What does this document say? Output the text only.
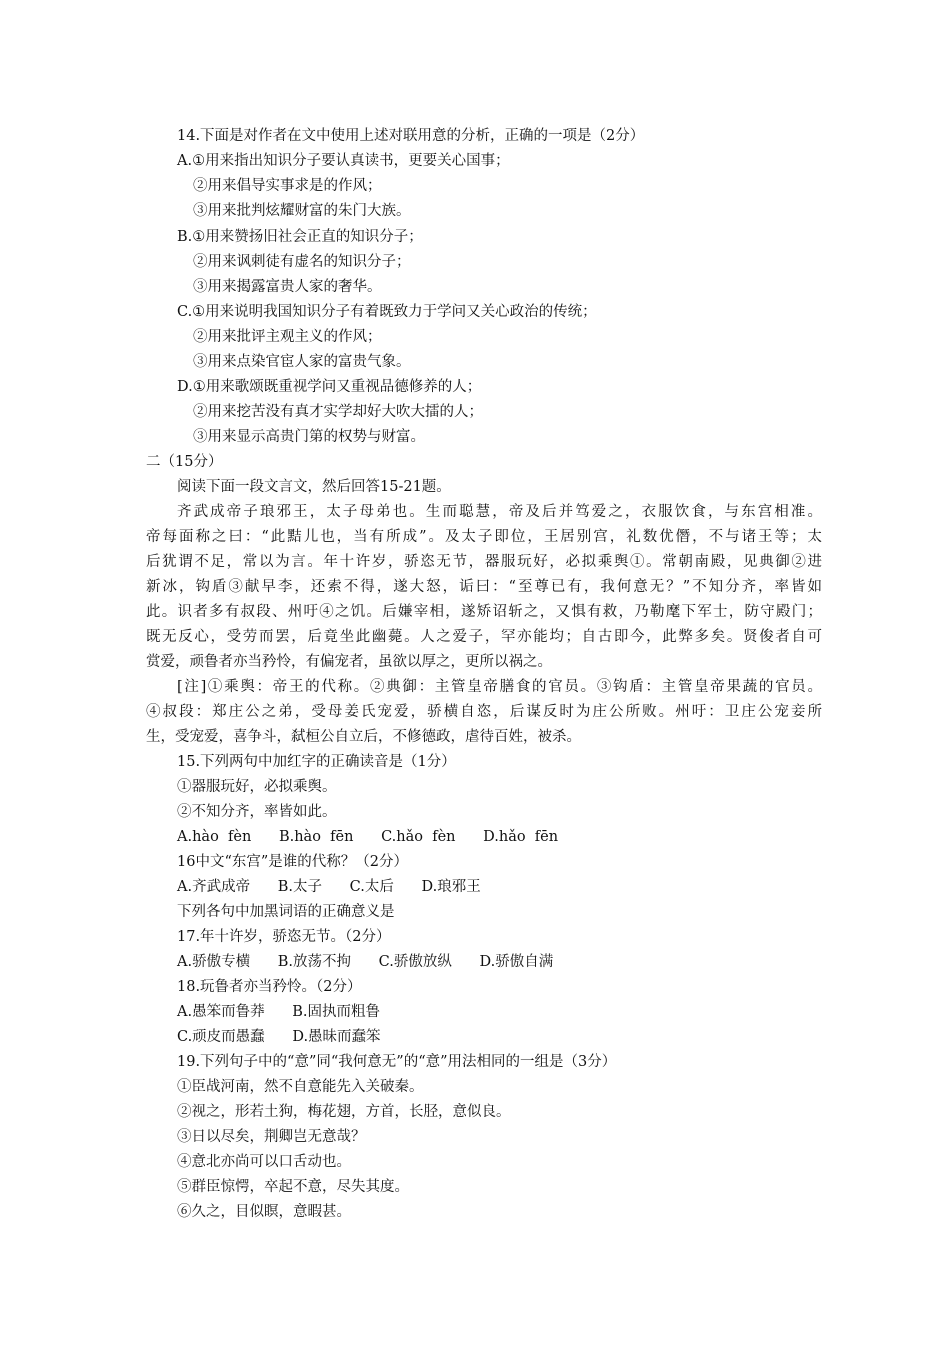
14.下面是对作者在文中使用上述对联用意的分析，正确的一项是（2分）
A.①用来指出知识分子要认真读书，更要关心国事；
②用来倡导实事求是的作风；
③用来批判炫耀财富的朱门大族。
B.①用来赞扬旧社会正直的知识分子；
②用来讽刺徒有虚名的知识分子；
③用来揭露富贵人家的奢华。
C.①用来说明我国知识分子有着既致力于学问又关心政治的传统；
②用来批评主观主义的作风；
③用来点染官宦人家的富贵气象。
D.①用来歌颂既重视学问又重视品德修养的人；
②用来挖苦没有真才实学却好大吹大擂的人；
③用来显示高贵门第的权势与财富。
二（15分）
阅读下面一段文言文，然后回答15-21题。
齐武成帝子琅邪王，太子母弟也。生而聪慧，帝及后并笃爱之，衣服饮食，与东宫相准。
帝每面称之曰：“此黠儿也，当有所成”。及太子即位，王居别宫，礼数优僭，不与诸王等；太
后犹谓不足，常以为言。年十许岁，骄恣无节，器服玩好，必拟乘舆①。常朝南殿，见典御②进
新冰，钩盾③献早李，还索不得，遂大怒，诟曰：“至尊已有，我何意无？”不知分齐，率皆如
此。识者多有叔段、州吁④之饥。后嫌宰相，遂矫诏斩之，又惧有救，乃勒麾下军士，防守殿门；
既无反心，受劳而罢，后竟坐此幽薨。人之爱子，罕亦能均；自古即今，此弊多矣。贤俊者自可
赏爱，顽鲁者亦当矜怜，有偏宠者，虽欲以厚之，更所以祸之。
[注]①乘舆：帝王的代称。②典御：主管皇帝膳食的官员。③钩盾：主管皇帝果蔬的官员。
④叔段：郑庄公之弟，受母姜氏宠爱，骄横自恣，后谋反时为庄公所败。州吁：卫庄公宠妾所
生，受宠爱，喜争斗，弑桓公自立后，不修德政，虐待百姓，被杀。
15.下列两句中加红字的正确读音是（1分）
①器服玩好，必拟乘舆。
②不知分齐，率皆如此。
A.hào  fèn      B.hào  fēn      C.hǎo  fèn      D.hǎo  fēn
16中文“东宫”是谁的代称？（2分）
A.齐武成帝      B.太子      C.太后      D.琅邪王
下列各句中加黑词语的正确意义是
17.年十许岁，骄恣无节。（2分）
A.骄傲专横      B.放荡不拘      C.骄傲放纵      D.骄傲自满
18.玩鲁者亦当矜怜。（2分）
A.愚笨而鲁莽      B.固执而粗鲁
C.顽皮而愚蠢      D.愚昧而蠢笨
19.下列句子中的“意”同“我何意无”的“意”用法相同的一组是（3分）
①臣战河南，然不自意能先入关破秦。
②视之，形若土狗，梅花翅，方首，长胫，意似良。
③日以尽矣，荆卿岂无意哉？
④意北亦尚可以口舌动也。
⑤群臣惊愕，卒起不意，尽失其度。
⑥久之，目似瞑，意暇甚。
